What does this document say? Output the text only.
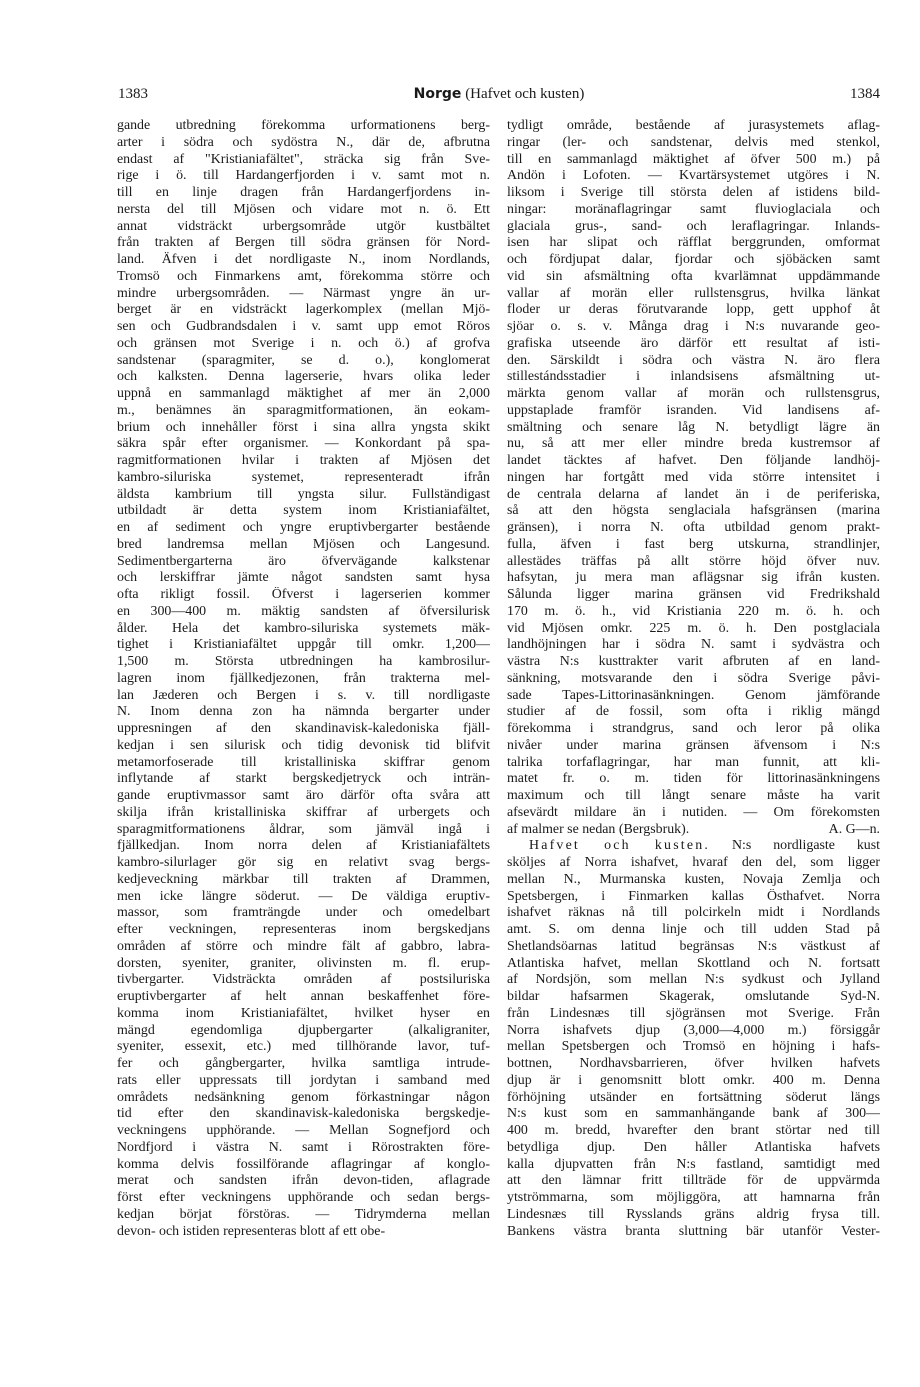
1383	Norge (Hafvet och kusten)	1384
gande utbredning förekomma urformationens berg-
arter i södra och sydöstra N., där de, afbrutna
endast af "Kristianiafältet", sträcka sig från Sve-
rige i ö. till Hardangerfjorden i v. samt mot n.
till en linje dragen från Hardangerfjordens in-
nersta del till Mjösen och vidare mot n. ö. Ett
annat vidsträckt urbergsområde utgör kustbältet
från trakten af Bergen till södra gränsen för Nord-
land. Äfven i det nordligaste N., inom Nordlands,
Tromsö och Finmarkens amt, förekomma större och
mindre urbergsområden. — Närmast yngre än ur-
berget är en vidsträckt lagerkomplex (mellan Mjö-
sen och Gudbrandsdalen i v. samt upp emot Röros
och gränsen mot Sverige i n. och ö.) af grofva
sandstenar (sparagmiter, se d. o.), konglomerat
och kalksten. Denna lagerserie, hvars olika leder
uppnå en sammanlagd mäktighet af mer än 2,000
m., benämnes än sparagmitformationen, än eokam-
brium och innehåller först i sina allra yngsta skikt
säkra spår efter organismer. — Konkordant på spa-
ragmitformationen hvilar i trakten af Mjösen det
kambro-siluriska systemet, representeradt ifrån
äldsta kambrium till yngsta silur. Fullständigast
utbildadt är detta system inom Kristianiafältet,
en af sediment och yngre eruptivbergarter bestående
bred landremsa mellan Mjösen och Langesund.
Sedimentbergarterna äro öfvervägande kalkstenar
och lerskiffrar jämte något sandsten samt hysa
ofta rikligt fossil. Öfverst i lagerserien kommer
en 300—400 m. mäktig sandsten af öfversilurisk
ålder. Hela det kambro-siluriska systemets mäk-
tighet i Kristianiafältet uppgår till omkr. 1,200—
1,500 m. Största utbredningen ha kambrosilur-
lagren inom fjällkedjezonen, från trakterna mel-
lan Jæderen och Bergen i s. v. till nordligaste
N. Inom denna zon ha nämnda bergarter under
uppresningen af den skandinavisk-kaledoniska fjäll-
kedjan i sen silurisk och tidig devonisk tid blifvit
metamorfoserade till kristalliniska skiffrar genom
inflytande af starkt bergskedjetryck och inträn-
gande eruptivmassor samt äro därför ofta svåra att
skilja ifrån kristalliniska skiffrar af urbergets och
sparagmitformationens åldrar, som jämväl ingå i
fjällkedjan. Inom norra delen af Kristianiafältets
kambro-silurlager gör sig en relativt svag bergs-
kedjeveckning märkbar till trakten af Drammen,
men icke längre söderut. — De väldiga eruptiv-
massor, som framträngde under och omedelbart
efter veckningen, representeras inom bergskedjans
områden af större och mindre fält af gabbro, labra-
dorsten, syeniter, graniter, olivinsten m. fl. erup-
tivbergarter. Vidsträckta områden af postsiluriska
eruptivbergarter af helt annan beskaffenhet före-
komma inom Kristianiafältet, hvilket hyser en
mängd egendomliga djupbergarter (alkaligraniter,
syeniter, essexit, etc.) med tillhörande lavor, tuf-
fer och gångbergarter, hvilka samtliga intrude-
rats eller uppressats till jordytan i samband med
områdets nedsänkning genom förkastningar någon
tid efter den skandinavisk-kaledoniska bergskedje-
veckningens upphörande. — Mellan Sognefjord och
Nordfjord i västra N. samt i Rörostrakten före-
komma delvis fossilförande aflagringar af konglo-
merat och sandsten ifrån devon-tiden, aflagrade
först efter veckningens upphörande och sedan bergs-
kedjan börjat förstöras. — Tidrymderna mellan
devon- och istiden representeras blott af ett obe-
tydligt område, bestående af jurasystemets aflag-
ringar (ler- och sandstenar, delvis med stenkol,
till en sammanlagd mäktighet af öfver 500 m.) på
Andön i Lofoten. — Kvartärsystemet utgöres i N.
liksom i Sverige till största delen af istidens bild-
ningar: moränaflagringar samt fluvioglaciala och
glaciala grus-, sand- och leraflagringar. Inlands-
isen har slipat och räfflat berggrunden, omformat
och fördjupat dalar, fjordar och sjöbäcken samt
vid sin afsmältning ofta kvarlämnat uppdämmande
vallar af morän eller rullstensgrus, hvilka länkat
floder ur deras förutvarande lopp, gett upphof åt
sjöar o. s. v. Många drag i N:s nuvarande geo-
grafiska utseende äro därför ett resultat af isti-
den. Särskildt i södra och västra N. äro flera
stillestándsstadier i inlandsisens afsmältning ut-
märkta genom vallar af morän och rullstensgrus,
uppstaplade framför isranden. Vid landisens af-
smältning och senare låg N. betydligt lägre än
nu, så att mer eller mindre breda kustremsor af
landet täcktes af hafvet. Den följande landhöj-
ningen har fortgått med vida större intensitet i
de centrala delarna af landet än i de periferiska,
så att den högsta senglaciala hafsgränsen (marina
gränsen), i norra N. ofta utbildad genom prakt-
fulla, äfven i fast berg utskurna, strandlinjer,
allestädes träffas på allt större höjd öfver nuv.
hafsytan, ju mera man aflägsnar sig ifrån kusten.
Sålunda ligger marina gränsen vid Fredrikshald
170 m. ö. h., vid Kristiania 220 m. ö. h. och
vid Mjösen omkr. 225 m. ö. h. Den postglaciala
landhöjningen har i södra N. samt i sydvästra och
västra N:s kusttrakter varit afbruten af en land-
sänkning, motsvarande den i södra Sverige påvi-
sade Tapes-Littorinasänkningen. Genom jämförande
studier af de fossil, som ofta i riklig mängd
förekomma i strandgrus, sand och leror på olika
nivåer under marina gränsen äfvensom i N:s
talrika torfaflagringar, har man funnit, att kli-
matet fr. o. m. tiden för littorinasänkningens
maximum och till långt senare måste ha varit
afsevärdt mildare än i nutiden. — Om förekomsten
af malmer se nedan (Bergsbruk).	A. G—n.
Hafvet och kusten. N:s nordligaste kust
sköljes af Norra ishafvet, hvaraf den del, som ligger
mellan N., Murmanska kusten, Novaja Zemlja och
Spetsbergen, i Finmarken kallas Östhafvet. Norra
ishafvet räknas nå till polcirkeln midt i Nordlands
amt. S. om denna linje och till udden Stad på
Shetlandsöarnas latitud begränsas N:s västkust af
Atlantiska hafvet, mellan Skottland och N. fortsatt
af Nordsjön, som mellan N:s sydkust och Jylland
bildar hafsarmen Skagerak, omslutande Syd-N.
från Lindesnæs till sjögränsen mot Sverige. Från
Norra ishafvets djup (3,000—4,000 m.) försiggår
mellan Spetsbergen och Tromsö en höjning i hafs-
bottnen, Nordhavsbarrieren, öfver hvilken hafvets
djup är i genomsnitt blott omkr. 400 m. Denna
förhöjning utsänder en fortsättning söderut längs
N:s kust som en sammanhängande bank af 300—
400 m. bredd, hvarefter den brant störtar ned till
betydliga djup. Den håller Atlantiska hafvets
kalla djupvatten från N:s fastland, samtidigt med
att den lämnar fritt tillträde för de uppvärmda
ytströmmarna, som möjliggöra, att hamnarna från
Lindesnæs till Rysslands gräns aldrig frysa till.
Bankens västra branta sluttning bär utanför Vester-
